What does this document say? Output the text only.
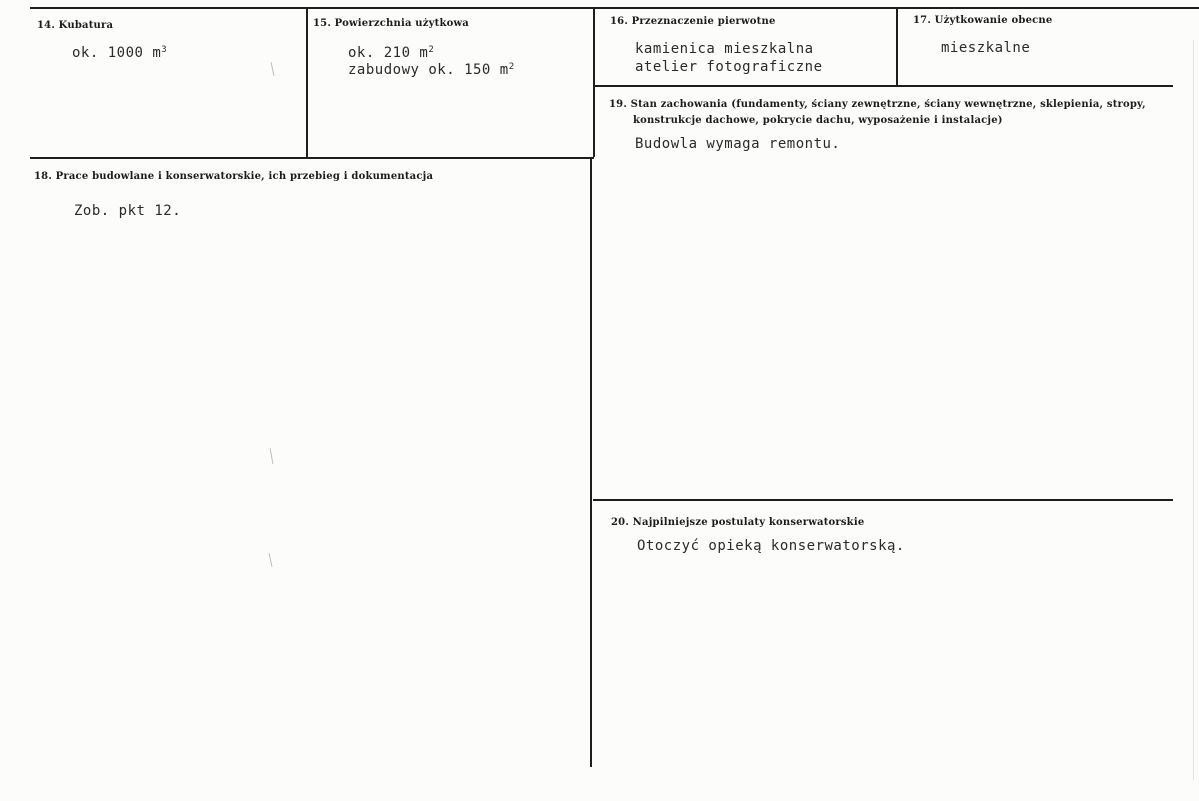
14. Kubatura
ok. 1000 $m^3$
15. Powierzchnia użytkowa
ok. 210 $m^2$
zabudowy ok. 150 $m^2$
16. Przeznaczenie pierwotne
kamienica mieszkalna
atelier fotograficzne
17. Użytkowanie obecne
mieszkalne
18. Prace budowlane i konserwatorskie, ich przebieg i dokumentacja
Zob. pkt 12.
19. Stan zachowania (fundamenty, ściany zewnętrzne, ściany wewnętrzne, sklepienia, stropy,
konstrukcje dachowe, pokrycie dachu, wyposażenie i instalacje)
Budowla wymaga remontu.
20. Najpilniejsze postulaty konserwatorskie
Otoczyć opieką konserwatorską.
